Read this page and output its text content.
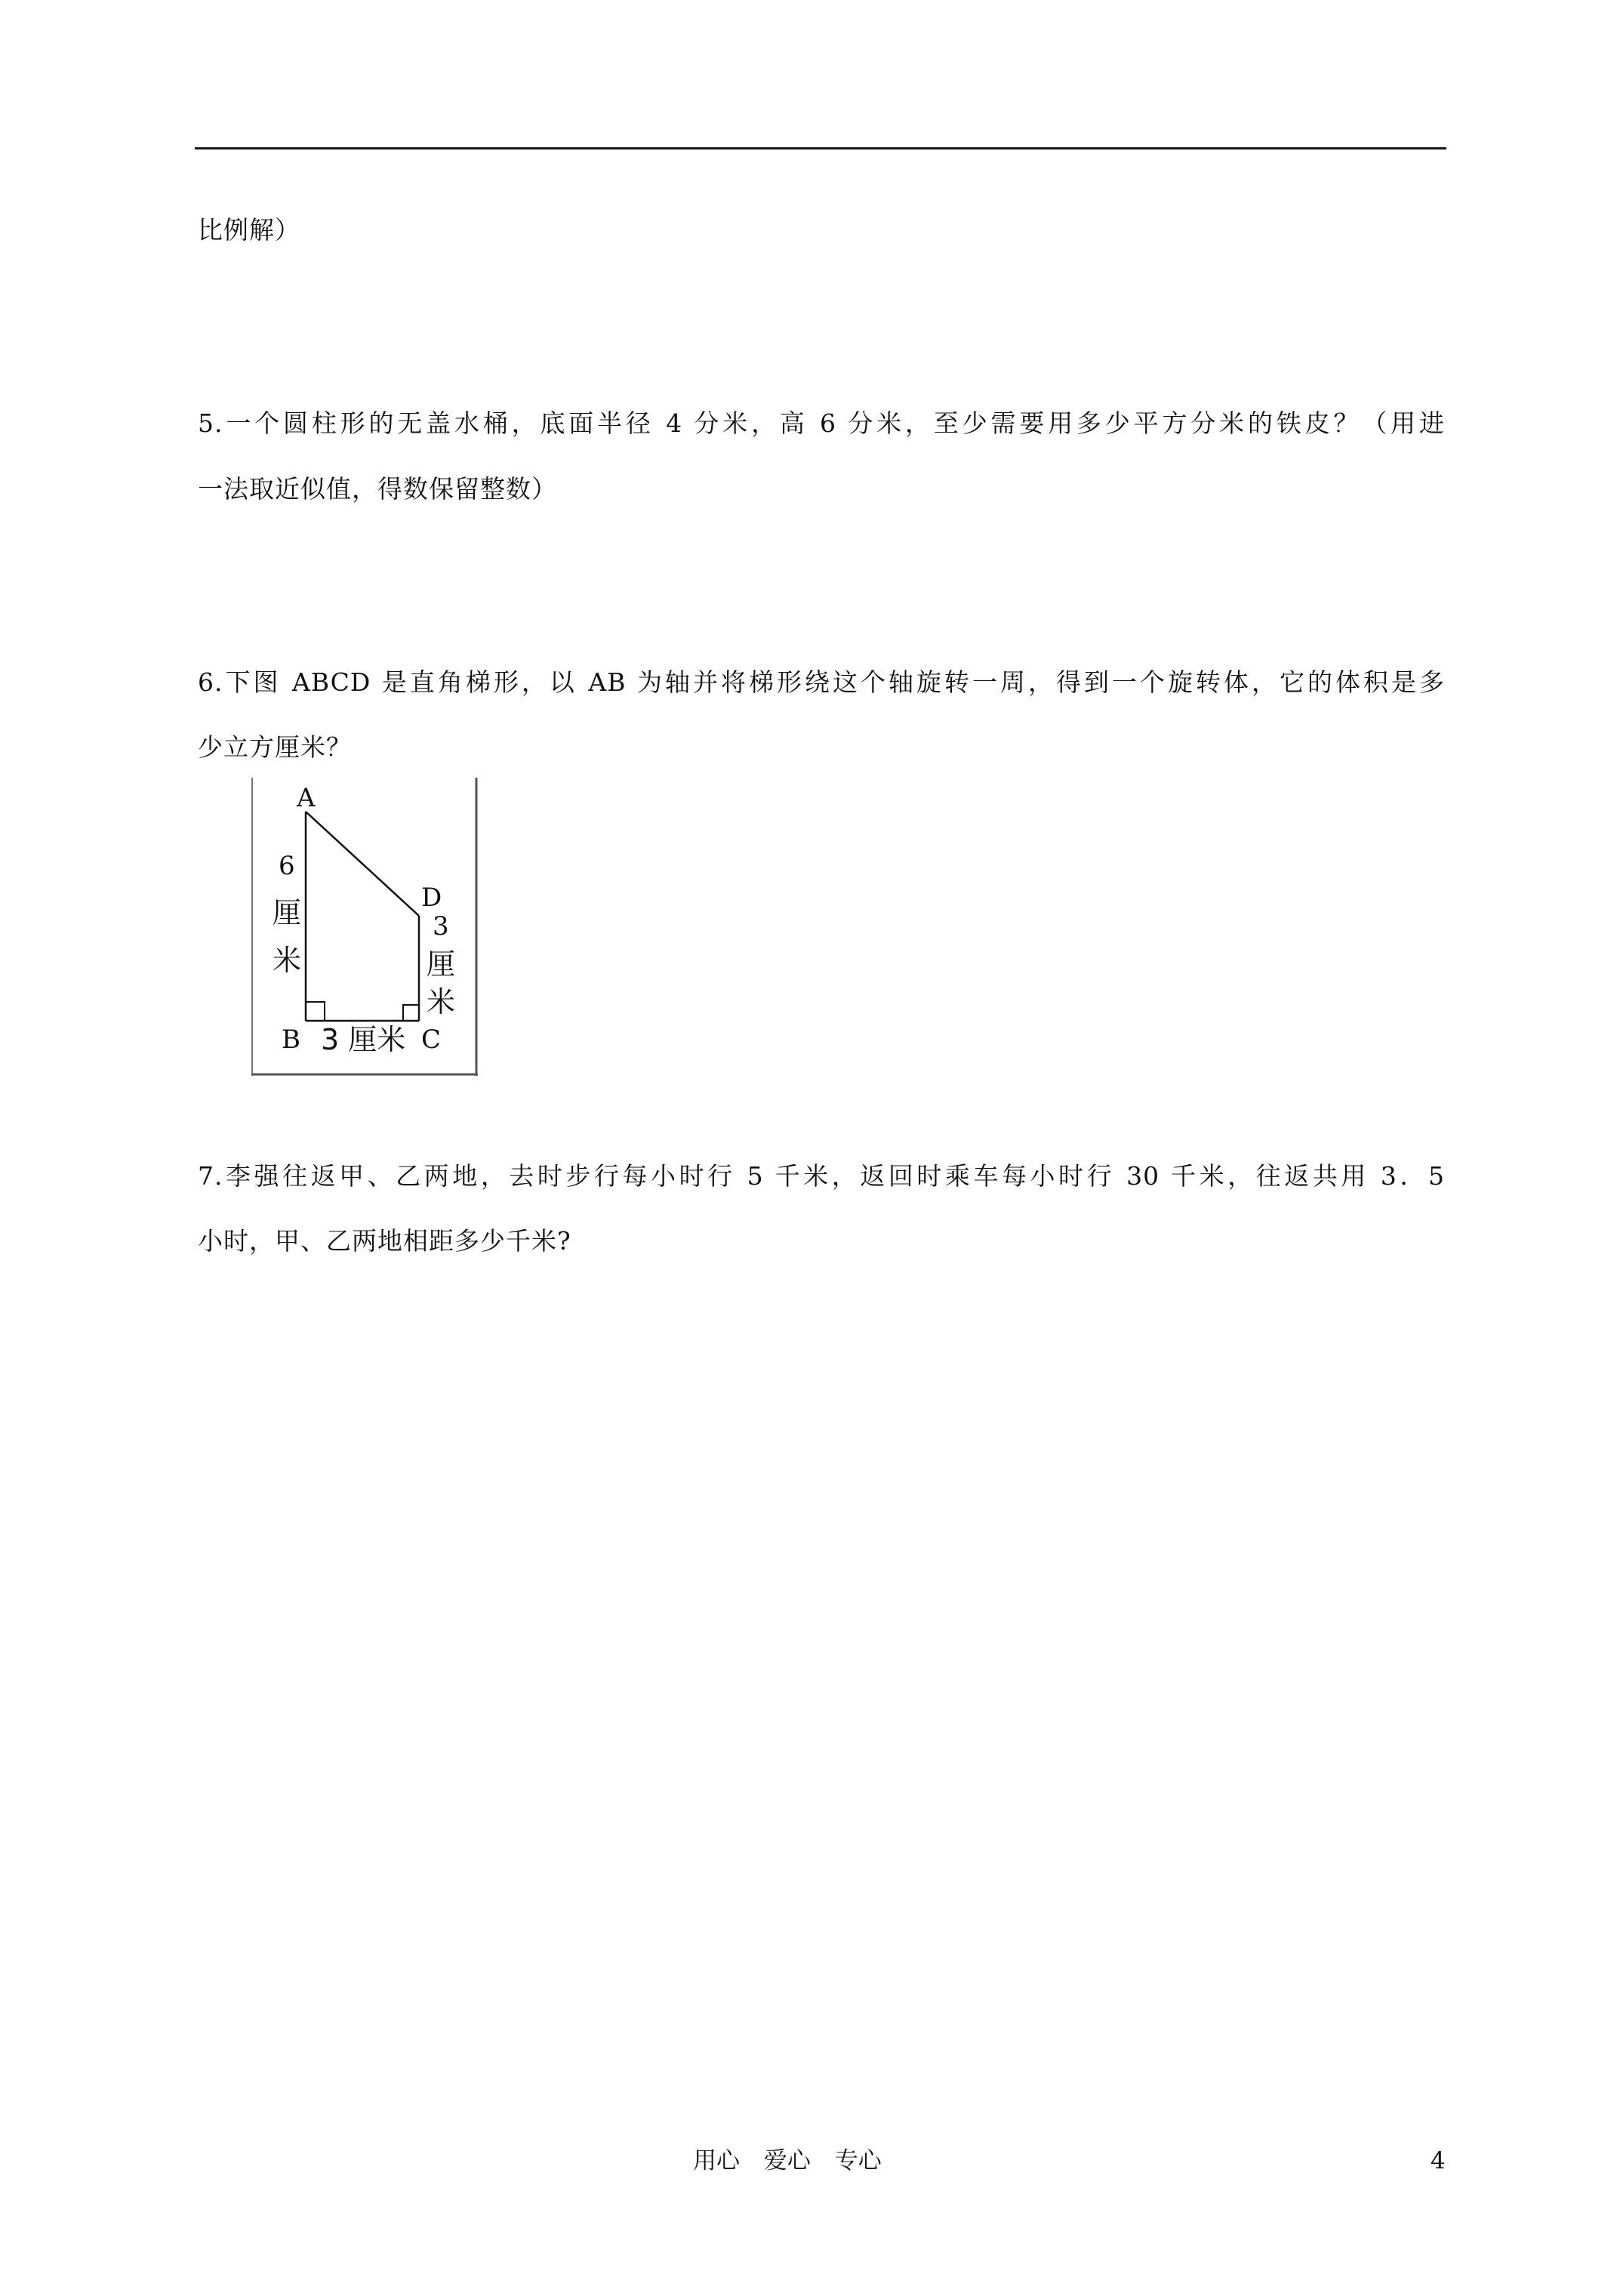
比例解）
5.一个圆柱形的无盖水桶，底面半径 4 分米，高 6 分米，至少需要用多少平方分米的铁皮？（用进
一法取近似值，得数保留整数）
6.下图 ABCD 是直角梯形，以 AB 为轴并将梯形绕这个轴旋转一周，得到一个旋转体，它的体积是多
少立方厘米？
A
B	C
D
6
厘
米
3
厘
米
3 厘米
7.李强往返甲、乙两地，去时步行每小时行 5 千米，返回时乘车每小时行 30 千米，往返共用 3．5
小时，甲、乙两地相距多少千米?
用心 爱心 专心	4
